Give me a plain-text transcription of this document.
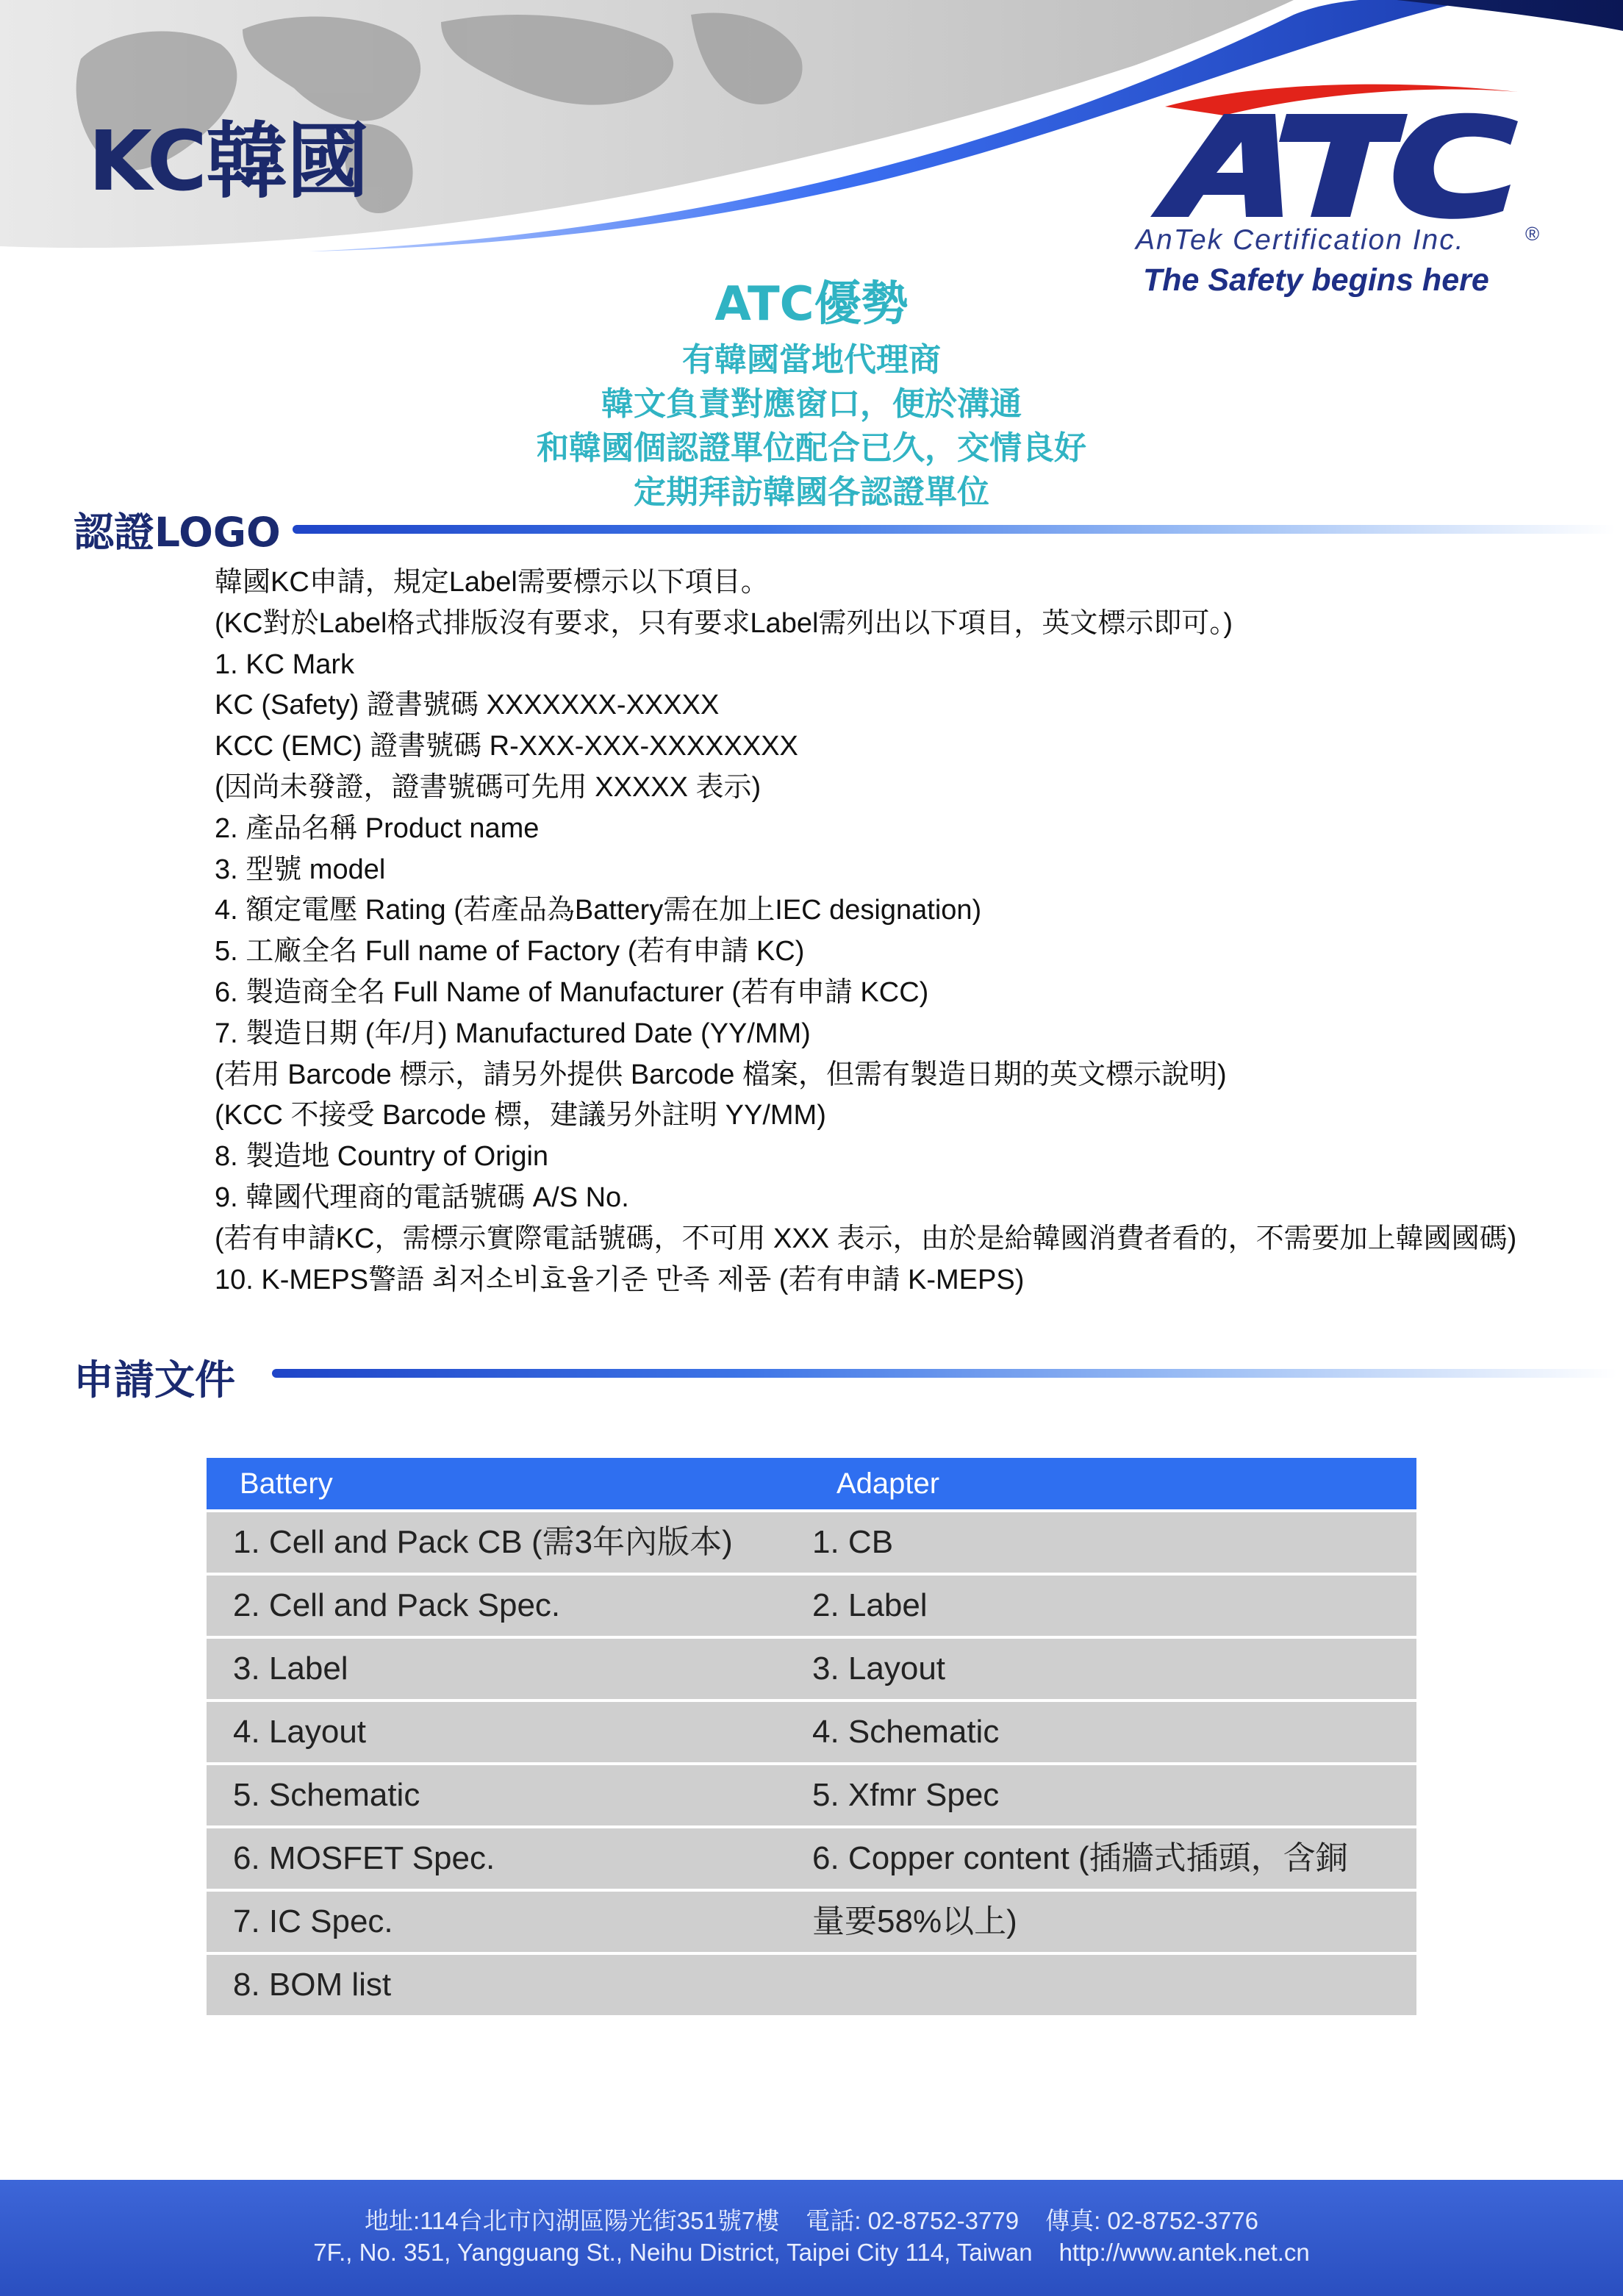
KC韓國
AnTek Certification Inc.	®
The Safety begins here
ATC優勢
有韓國當地代理商
韓文負責對應窗口，便於溝通
和韓國個認證單位配合已久，交情良好
定期拜訪韓國各認證單位
認證LOGO
韓國KC申請，規定Label需要標示以下項目。
(KC對於Label格式排版沒有要求，只有要求Label需列出以下項目，英文標示即可。)
1. KC Mark
KC (Safety) 證書號碼 XXXXXXX-XXXXX
KCC (EMC) 證書號碼 R-XXX-XXX-XXXXXXXX
(因尚未發證，證書號碼可先用 XXXXX 表示)
2. 產品名稱 Product name
3. 型號 model
4. 額定電壓 Rating (若產品為Battery需在加上IEC designation)
5. 工廠全名 Full name of Factory (若有申請 KC)
6. 製造商全名 Full Name of Manufacturer (若有申請 KCC)
7. 製造日期 (年/月) Manufactured Date (YY/MM)
(若用 Barcode 標示，請另外提供 Barcode 檔案，但需有製造日期的英文標示說明)
(KCC 不接受 Barcode 標，建議另外註明 YY/MM)
8. 製造地 Country of Origin
9. 韓國代理商的電話號碼 A/S No.
(若有申請KC，需標示實際電話號碼，不可用 XXX 表示，由於是給韓國消費者看的，不需要加上韓國國碼)
10. K-MEPS警語 최저소비효율기준 만족 제품 (若有申請 K-MEPS)
申請文件
Battery	Adapter
1. Cell and Pack CB (需3年內版本)	1. CB
2. Cell and Pack Spec.	2. Label
3. Label	3. Layout
4. Layout	4. Schematic
5. Schematic	5. Xfmr Spec
6. MOSFET Spec.	6. Copper content (插牆式插頭，含銅
7. IC Spec.	量要58%以上)
8. BOM list
地址:114台北市內湖區陽光街351號7樓 電話: 02-8752-3779 傳真: 02-8752-3776
7F., No. 351, Yangguang St., Neihu District, Taipei City 114, Taiwan http://www.antek.net.cn
